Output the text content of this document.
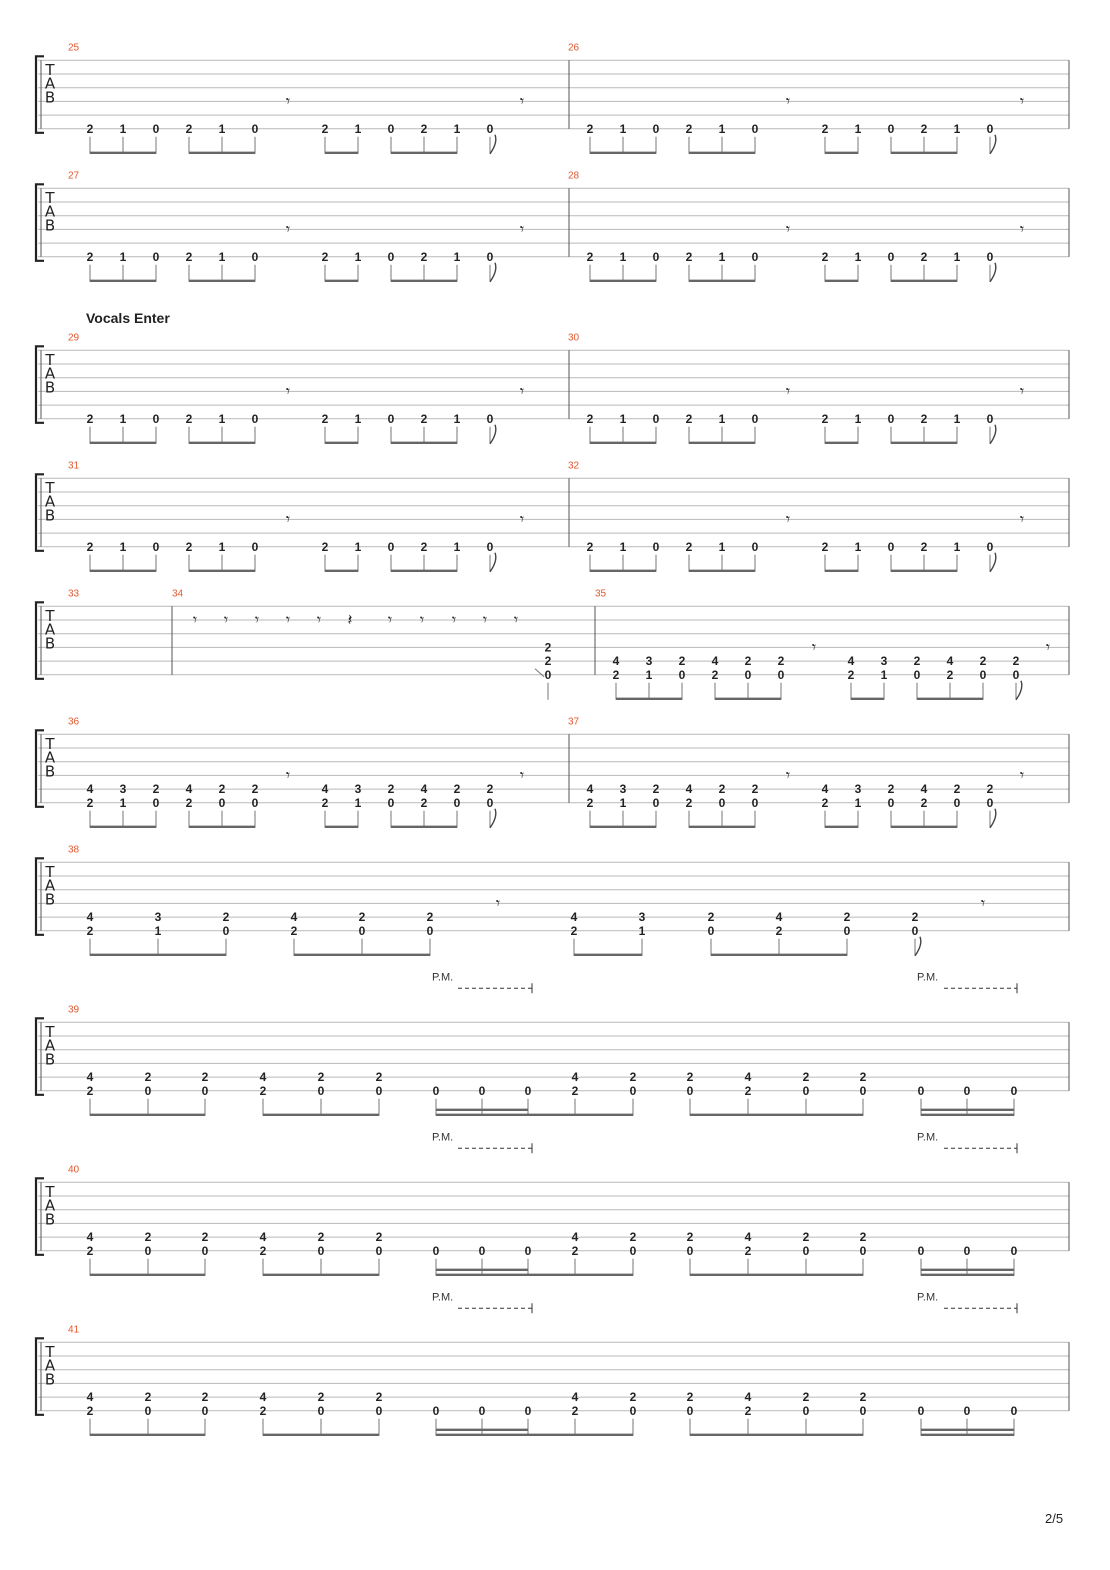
Vocals Enter
2/5
T
A
B
25	26
2 1 0 2 1 0
𝄾
2 1 0 2 1 0
𝄾
2 1 0 2 1 0
𝄾
2 1 0 2 1 0
𝄾
T
A
B
27	28
2 1 0 2 1 0
𝄾
2 1 0 2 1 0
𝄾
2 1 0 2 1 0
𝄾
2 1 0 2 1 0
𝄾
T
A
B
29	30
2 1 0 2 1 0
𝄾
2 1 0 2 1 0
𝄾
2 1 0 2 1 0
𝄾
2 1 0 2 1 0
𝄾
T
A
B
31	32
2 1 0 2 1 0
𝄾
2 1 0 2 1 0
𝄾
2 1 0 2 1 0
𝄾
2 1 0 2 1 0
𝄾
T
A
B
33	34	35
𝄾 𝄾 𝄾 𝄾 𝄾 𝄽 𝄾 𝄾 𝄾 𝄾 𝄾
2
2
0
4
2
3
1
2
0
4
2
2
0
2
0
𝄾
4
2
3
1
2
0
4
2
2
0
2
0
𝄾
T
A
B
36	37
4
2
3
1
2
0
4
2
2
0
2
0
𝄾
4
2
3
1
2
0
4
2
2
0
2
0
𝄾
4
2
3
1
2
0
4
2
2
0
2
0
𝄾
4
2
3
1
2
0
4
2
2
0
2
0
𝄾
T
A
B
38
4
2
3
1
2
0
4
2
2
0
2
0
𝄾
4
2
3
1
2
0
4
2
2
0
2
0
𝄾
T
A
B
39
4
2
2
0
2
0
4
2
2
0
2
0	0	0	0
4
2
2
0
2
0
4
2
2
0
2
0	0	0	0
P.M.	P.M.
T
A
B
40
4
2
2
0
2
0
4
2
2
0
2
0	0	0	0
4
2
2
0
2
0
4
2
2
0
2
0	0	0	0
P.M.	P.M.
T
A
B
41
4
2
2
0
2
0
4
2
2
0
2
0	0	0	0
4
2
2
0
2
0
4
2
2
0
2
0	0	0	0
P.M.	P.M.
